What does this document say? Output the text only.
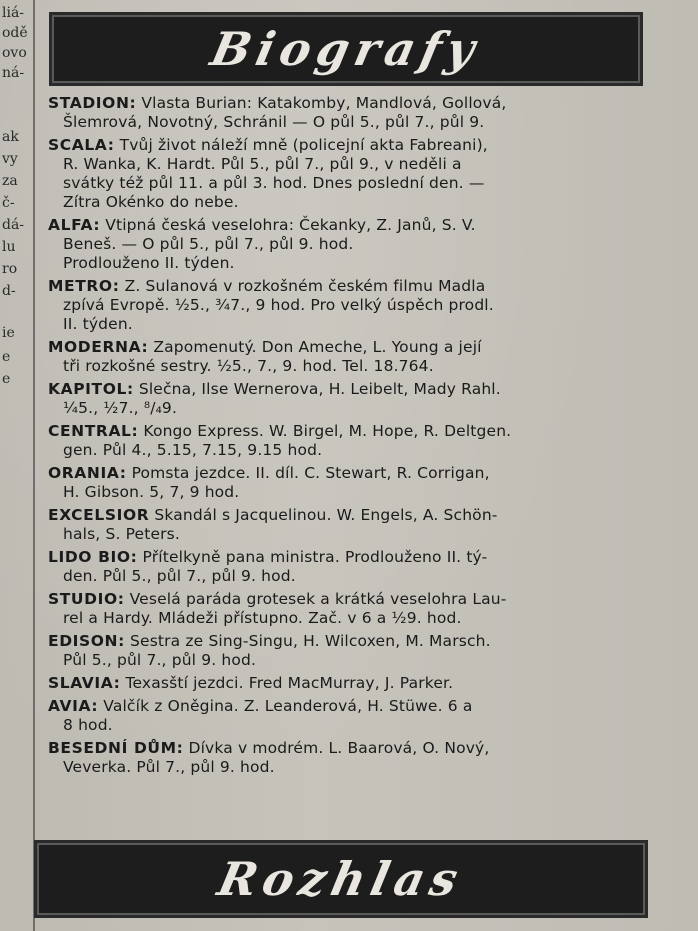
liá-
odě
ovo
ná-
ak
vy
za
č-
dá-
lu
ro
d-
ie
e
e
Biografy
STADION: Vlasta Burian: Katakomby, Mandlová, Gollová,
Šlemrová, Novotný, Schránil — O půl 5., půl 7., půl 9.
SCALA: Tvůj život náleží mně (policejní akta Fabreani),
R. Wanka, K. Hardt. Půl 5., půl 7., půl 9., v neděli a
svátky též půl 11. a půl 3. hod. Dnes poslední den. —
Zítra Okénko do nebe.
ALFA: Vtipná česká veselohra: Čekanky, Z. Janů, S. V.
Beneš. — O půl 5., půl 7., půl 9. hod.
Prodlouženo II. týden.
METRO: Z. Sulanová v rozkošném českém filmu Madla
zpívá Evropě. ½5., ¾7., 9 hod. Pro velký úspěch prodl.
II. týden.
MODERNA: Zapomenutý. Don Ameche, L. Young a její
tři rozkošné sestry. ½5., 7., 9. hod. Tel. 18.764.
KAPITOL: Slečna, Ilse Wernerova, H. Leibelt, Mady Rahl.
¼5., ½7., ⁸/₄9.
CENTRAL: Kongo Express. W. Birgel, M. Hope, R. Deltgen.
gen. Půl 4., 5.15, 7.15, 9.15 hod.
ORANIA: Pomsta jezdce. II. díl. C. Stewart, R. Corrigan,
H. Gibson. 5, 7, 9 hod.
EXCELSIOR Skandál s Jacquelinou. W. Engels, A. Schön-
hals, S. Peters.
LIDO BIO: Přítelkyně pana ministra. Prodlouženo II. tý-
den. Půl 5., půl 7., půl 9. hod.
STUDIO: Veselá paráda grotesek a krátká veselohra Lau-
rel a Hardy. Mládeži přístupno. Zač. v 6 a ½9. hod.
EDISON: Sestra ze Sing-Singu, H. Wilcoxen, M. Marsch.
Půl 5., půl 7., půl 9. hod.
SLAVIA: Texasští jezdci. Fred MacMurray, J. Parker.
AVIA: Valčík z Oněgina. Z. Leanderová, H. Stüwe. 6 a
8 hod.
BESEDNÍ DŮM: Dívka v modrém. L. Baarová, O. Nový,
Veverka. Půl 7., půl 9. hod.
Rozhlas
